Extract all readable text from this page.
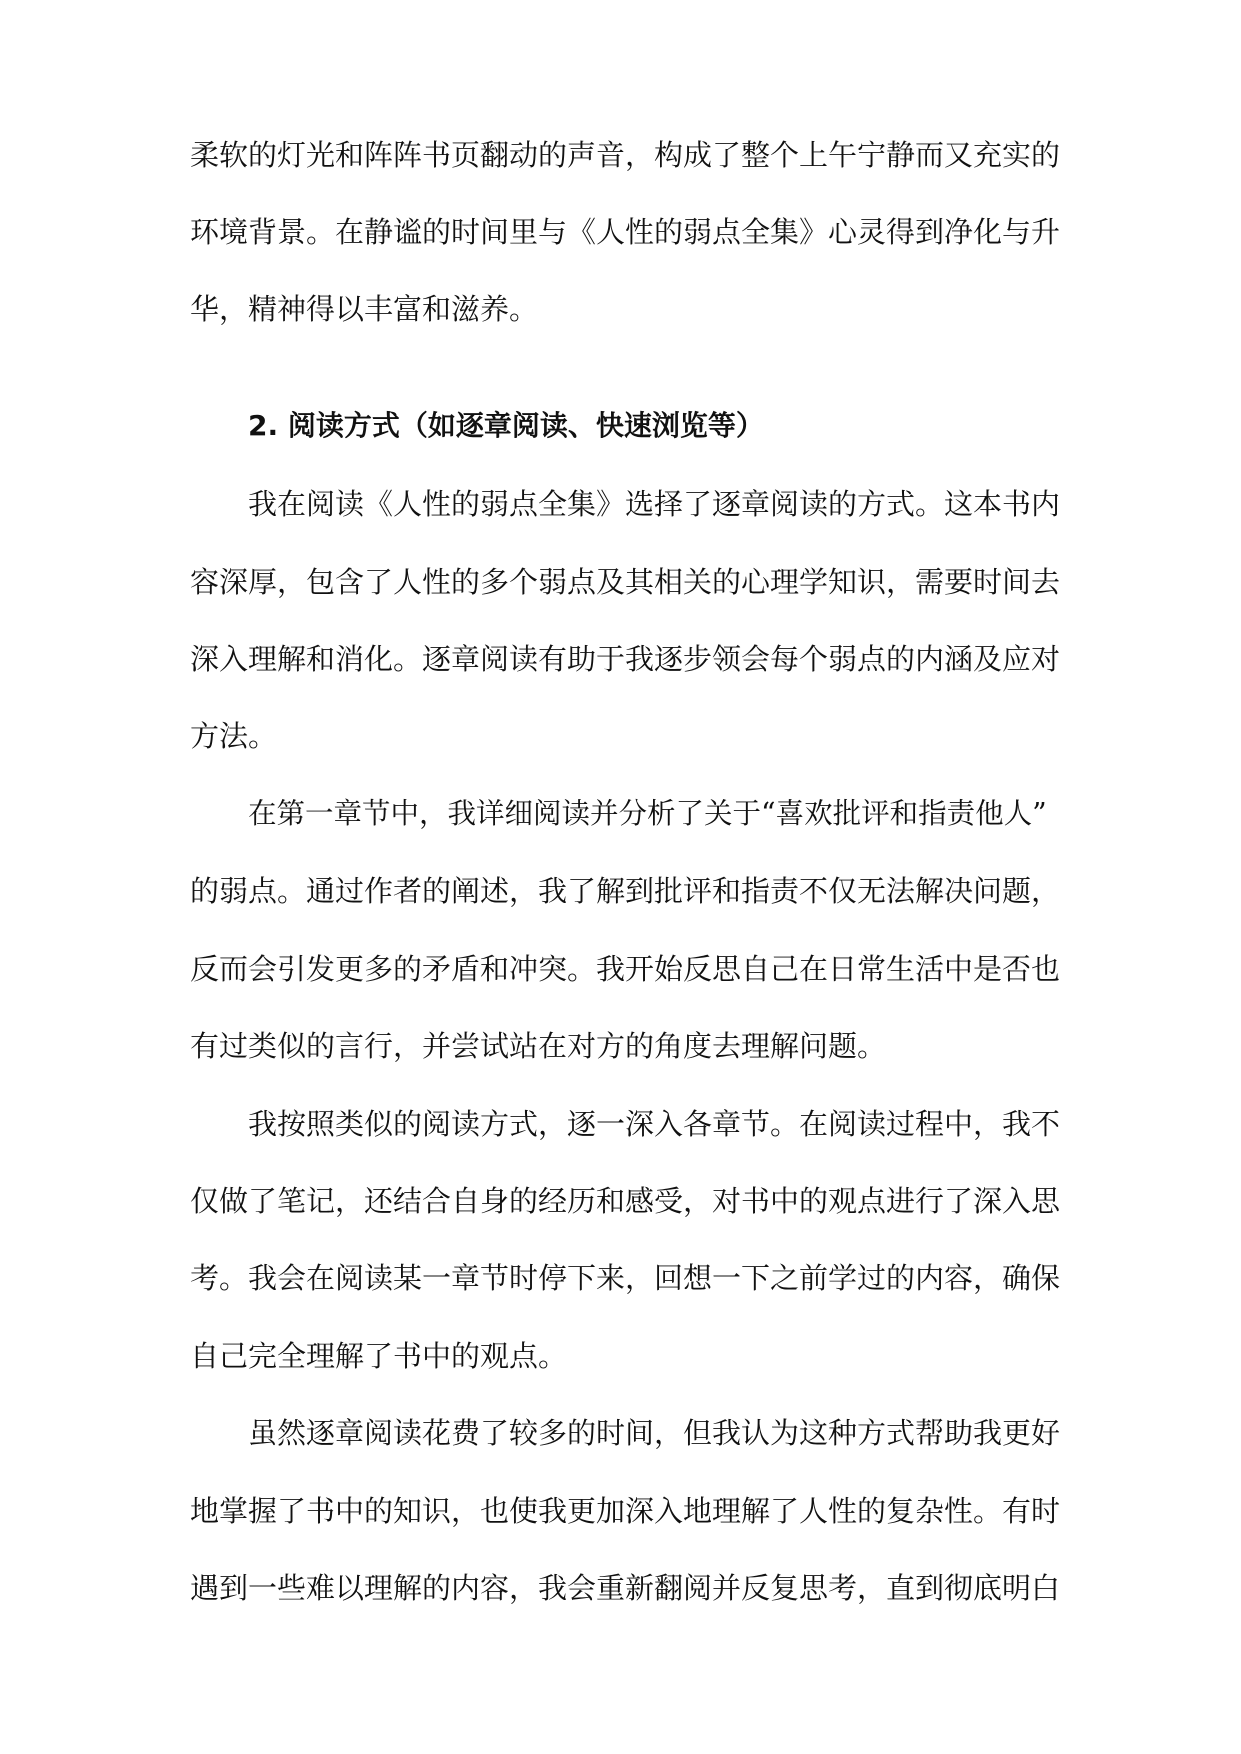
柔软的灯光和阵阵书页翻动的声音，构成了整个上午宁静而又充实的
环境背景。在静谧的时间里与《人性的弱点全集》心灵得到净化与升
华，精神得以丰富和滋养。
2. 阅读方式（如逐章阅读、快速浏览等）
我在阅读《人性的弱点全集》选择了逐章阅读的方式。这本书内
容深厚，包含了人性的多个弱点及其相关的心理学知识，需要时间去
深入理解和消化。逐章阅读有助于我逐步领会每个弱点的内涵及应对
方法。
在第一章节中，我详细阅读并分析了关于“喜欢批评和指责他人”
的弱点。通过作者的阐述，我了解到批评和指责不仅无法解决问题，
反而会引发更多的矛盾和冲突。我开始反思自己在日常生活中是否也
有过类似的言行，并尝试站在对方的角度去理解问题。
我按照类似的阅读方式，逐一深入各章节。在阅读过程中，我不
仅做了笔记，还结合自身的经历和感受，对书中的观点进行了深入思
考。我会在阅读某一章节时停下来，回想一下之前学过的内容，确保
自己完全理解了书中的观点。
虽然逐章阅读花费了较多的时间，但我认为这种方式帮助我更好
地掌握了书中的知识，也使我更加深入地理解了人性的复杂性。有时
遇到一些难以理解的内容，我会重新翻阅并反复思考，直到彻底明白
